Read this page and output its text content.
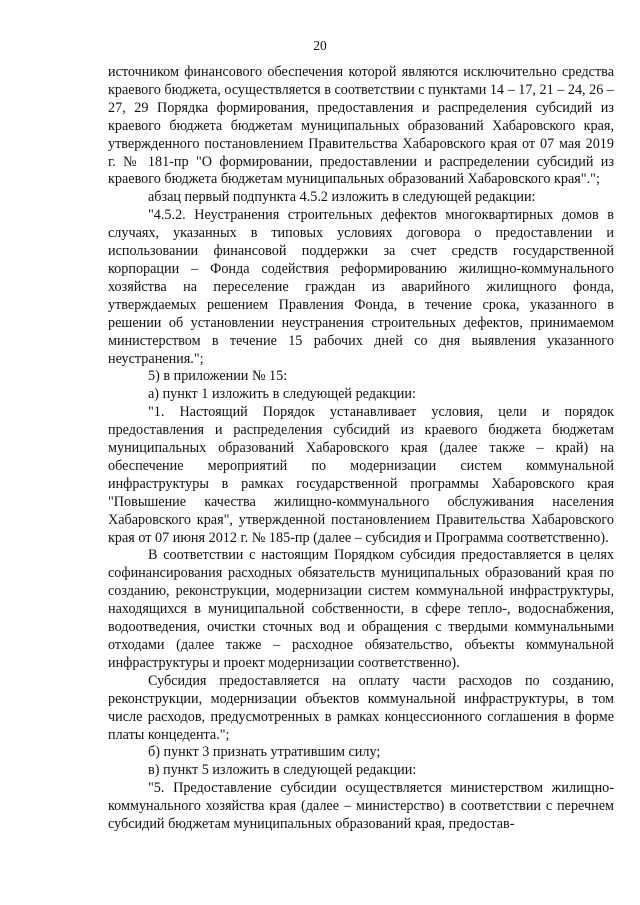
20

источником финансового обеспечения которой являются исключительно средства краевого бюджета, осуществляется в соответствии с пунктами 14 – 17, 21 – 24, 26 – 27, 29 Порядка формирования, предоставления и распределения субсидий из краевого бюджета бюджетам муниципальных образований Хабаровского края, утвержденного постановлением Правительства Хабаровского края от 07 мая 2019 г. № 181-пр "О формировании, предоставлении и распределении субсидий из краевого бюджета бюджетам муниципальных образований Хабаровского края".";

абзац первый подпункта 4.5.2 изложить в следующей редакции:

"4.5.2. Неустранения строительных дефектов многоквартирных домов в случаях, указанных в типовых условиях договора о предоставлении и использовании финансовой поддержки за счет средств государственной корпорации – Фонда содействия реформированию жилищно-коммунального хозяйства на переселение граждан из аварийного жилищного фонда, утверждаемых решением Правления Фонда, в течение срока, указанного в решении об установлении неустранения строительных дефектов, принимаемом министерством в течение 15 рабочих дней со дня выявления указанного неустранения.";

5) в приложении № 15:

а) пункт 1 изложить в следующей редакции:

"1. Настоящий Порядок устанавливает условия, цели и порядок предоставления и распределения субсидий из краевого бюджета бюджетам муниципальных образований Хабаровского края (далее также – край) на обеспечение мероприятий по модернизации систем коммунальной инфраструктуры в рамках государственной программы Хабаровского края "Повышение качества жилищно-коммунального обслуживания населения Хабаровского края", утвержденной постановлением Правительства Хабаровского края от 07 июня 2012 г. № 185-пр (далее – субсидия и Программа соответственно).

В соответствии с настоящим Порядком субсидия предоставляется в целях софинансирования расходных обязательств муниципальных образований края по созданию, реконструкции, модернизации систем коммунальной инфраструктуры, находящихся в муниципальной собственности, в сфере тепло-, водоснабжения, водоотведения, очистки сточных вод и обращения с твердыми коммунальными отходами (далее также – расходное обязательство, объекты коммунальной инфраструктуры и проект модернизации соответственно).

Субсидия предоставляется на оплату части расходов по созданию, реконструкции, модернизации объектов коммунальной инфраструктуры, в том числе расходов, предусмотренных в рамках концессионного соглашения в форме платы концедента.";

б) пункт 3 признать утратившим силу;

в) пункт 5 изложить в следующей редакции:

"5. Предоставление субсидии осуществляется министерством жилищно-коммунального хозяйства края (далее – министерство) в соответствии с перечнем субсидий бюджетам муниципальных образований края, предостав-
